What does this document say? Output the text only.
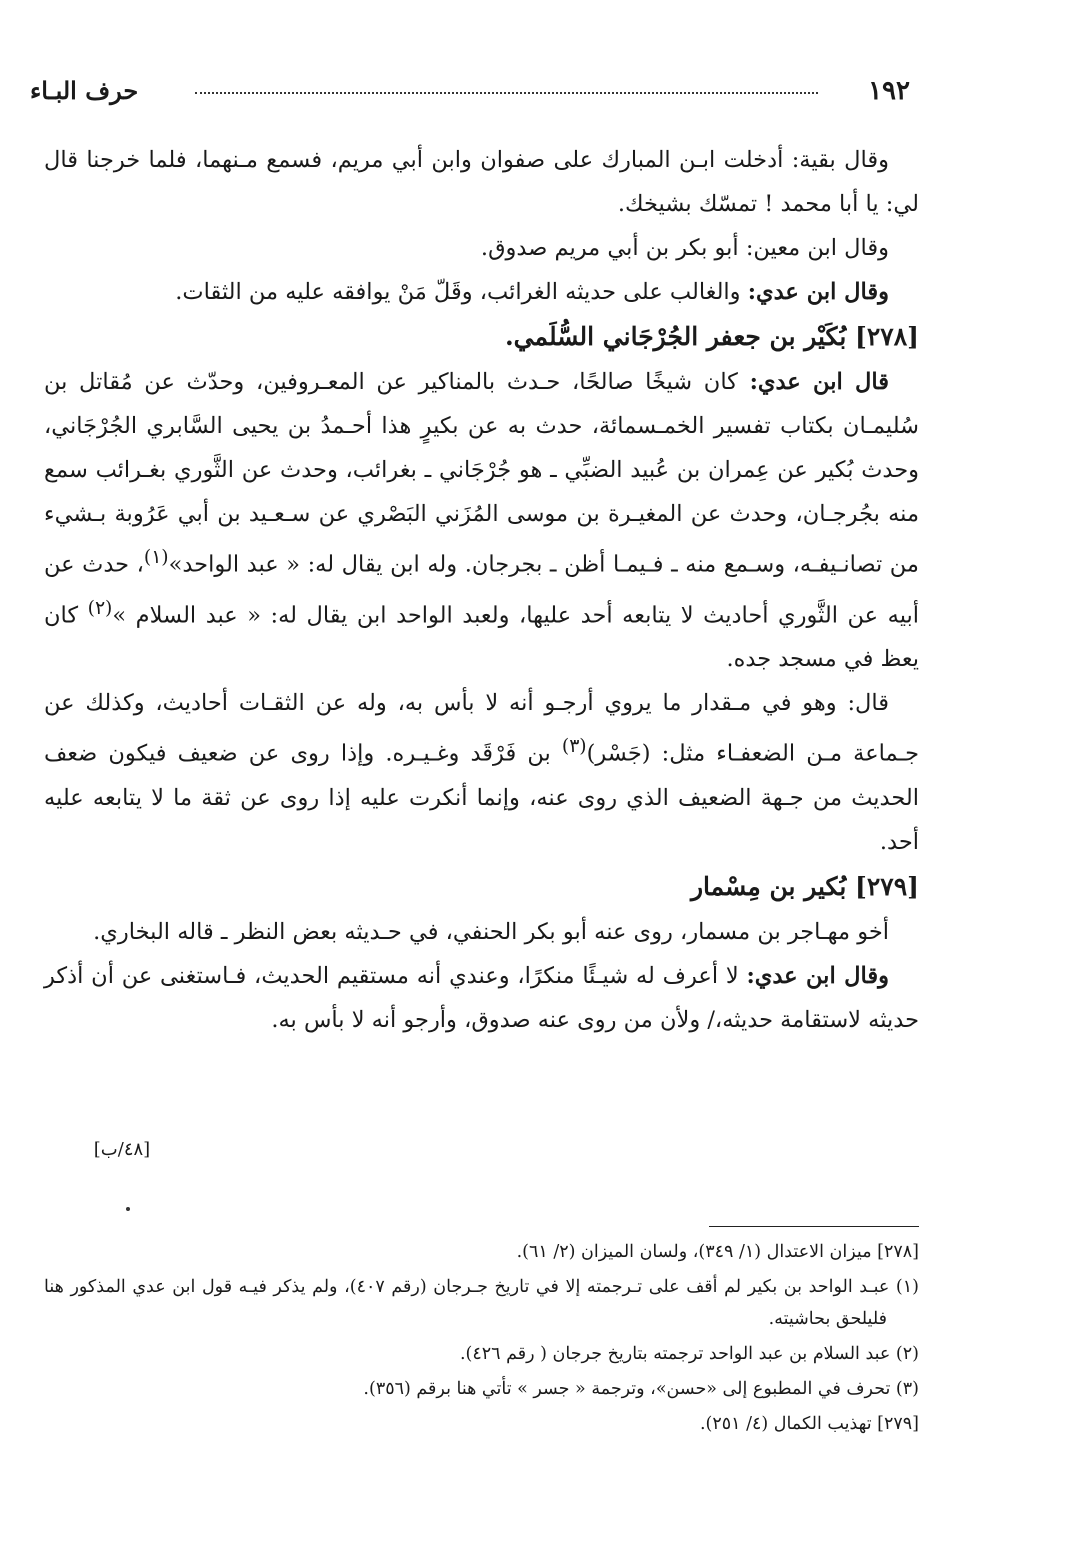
١٩٢
حرف البـاء

وقال بقية: أدخلت ابـن المبارك على صفوان وابن أبي مريم، فسمع مـنهما، فلما خرجنا قال لي: يا أبا محمد ! تمسّك بشيخك.

وقال ابن معين: أبو بكر بن أبي مريم صدوق.

وقال ابن عدي: والغالب على حديثه الغرائب، وقَلّ مَنْ يوافقه عليه من الثقات.

[٢٧٨] بُكَيْر بن جعفر الجُرْجَاني السُّلَمي.

قال ابن عدي: كان شيخًا صالحًا، حـدث بالمناكير عن المعـروفين، وحدّث عن مُقاتل بن سُليمـان بكتاب تفسير الخمـسمائة، حدث به عن بكيرٍ هذا أحـمدُ بن يحيى السَّابري الجُرْجَاني، وحدث بُكير عن عِمران بن عُبيد الضبِّي ـ هو جُرْجَاني ـ بغرائب، وحدث عن الثَّوري بغـرائب سمع منه بجُرجـان، وحدث عن المغيـرة بن موسى المُزَني البَصْري عن سـعـيد بن أبي عَرُوبة بـشيء من تصانـيفـه، وسـمع منه ـ فـيمـا أظن ـ بجرجان. وله ابن يقال له: « عبد الواحد»$^{(١)}$، حدث عن أبيه عن الثَّوري أحاديث لا يتابعه أحد عليها، ولعبد الواحد ابن يقال له: « عبد السلام »$^{(٢)}$ كان يعظ في مسجد جده.

قال: وهو في مـقدار ما يروي أرجـو أنه لا بأس به، وله عن الثقـات أحاديث، وكذلك عن جـماعة مـن الضعفـاء مثل: (جَسْر)$^{(٣)}$ بن فَرْقَد وغـيـره. وإذا روى عن ضعيف فيكون ضعف الحديث من جـهة الضعيف الذي روى عنه، وإنما أنكرت عليه إذا روى عن ثقة ما لا يتابعه عليه أحد.

[٢٧٩] بُكير بن مِسْمار

أخو مهـاجر بن مسمار، روى عنه أبو بكر الحنفي، في حـديثه بعض النظر ـ قاله البخاري.

وقال ابن عدي: لا أعرف له شيـئًا منكرًا، وعندي أنه مستقيم الحديث، فـاستغنى عن أن أذكر حديثه لاستقامة حديثه،/ ولأن من روى عنه صدوق، وأرجو أنه لا بأس به.

[٤٨/ب]

[٢٧٨] ميزان الاعتدال (١/ ٣٤٩)، ولسان الميزان (٢/ ٦١).

(١) عبـد الواحد بن بكير لم أقف على تـرجمته إلا في تاريخ جـرجان (رقم ٤٠٧)، ولم يذكر فيـه قول ابن عدي المذكور هنا فليلحق بحاشيته.

(٢) عبد السلام بن عبد الواحد ترجمته بتاريخ جرجان ( رقم ٤٢٦).

(٣) تحرف في المطبوع إلى «حسن»، وترجمة « جسر » تأتي هنا برقم (٣٥٦).

[٢٧٩] تهذيب الكمال (٤/ ٢٥١).
